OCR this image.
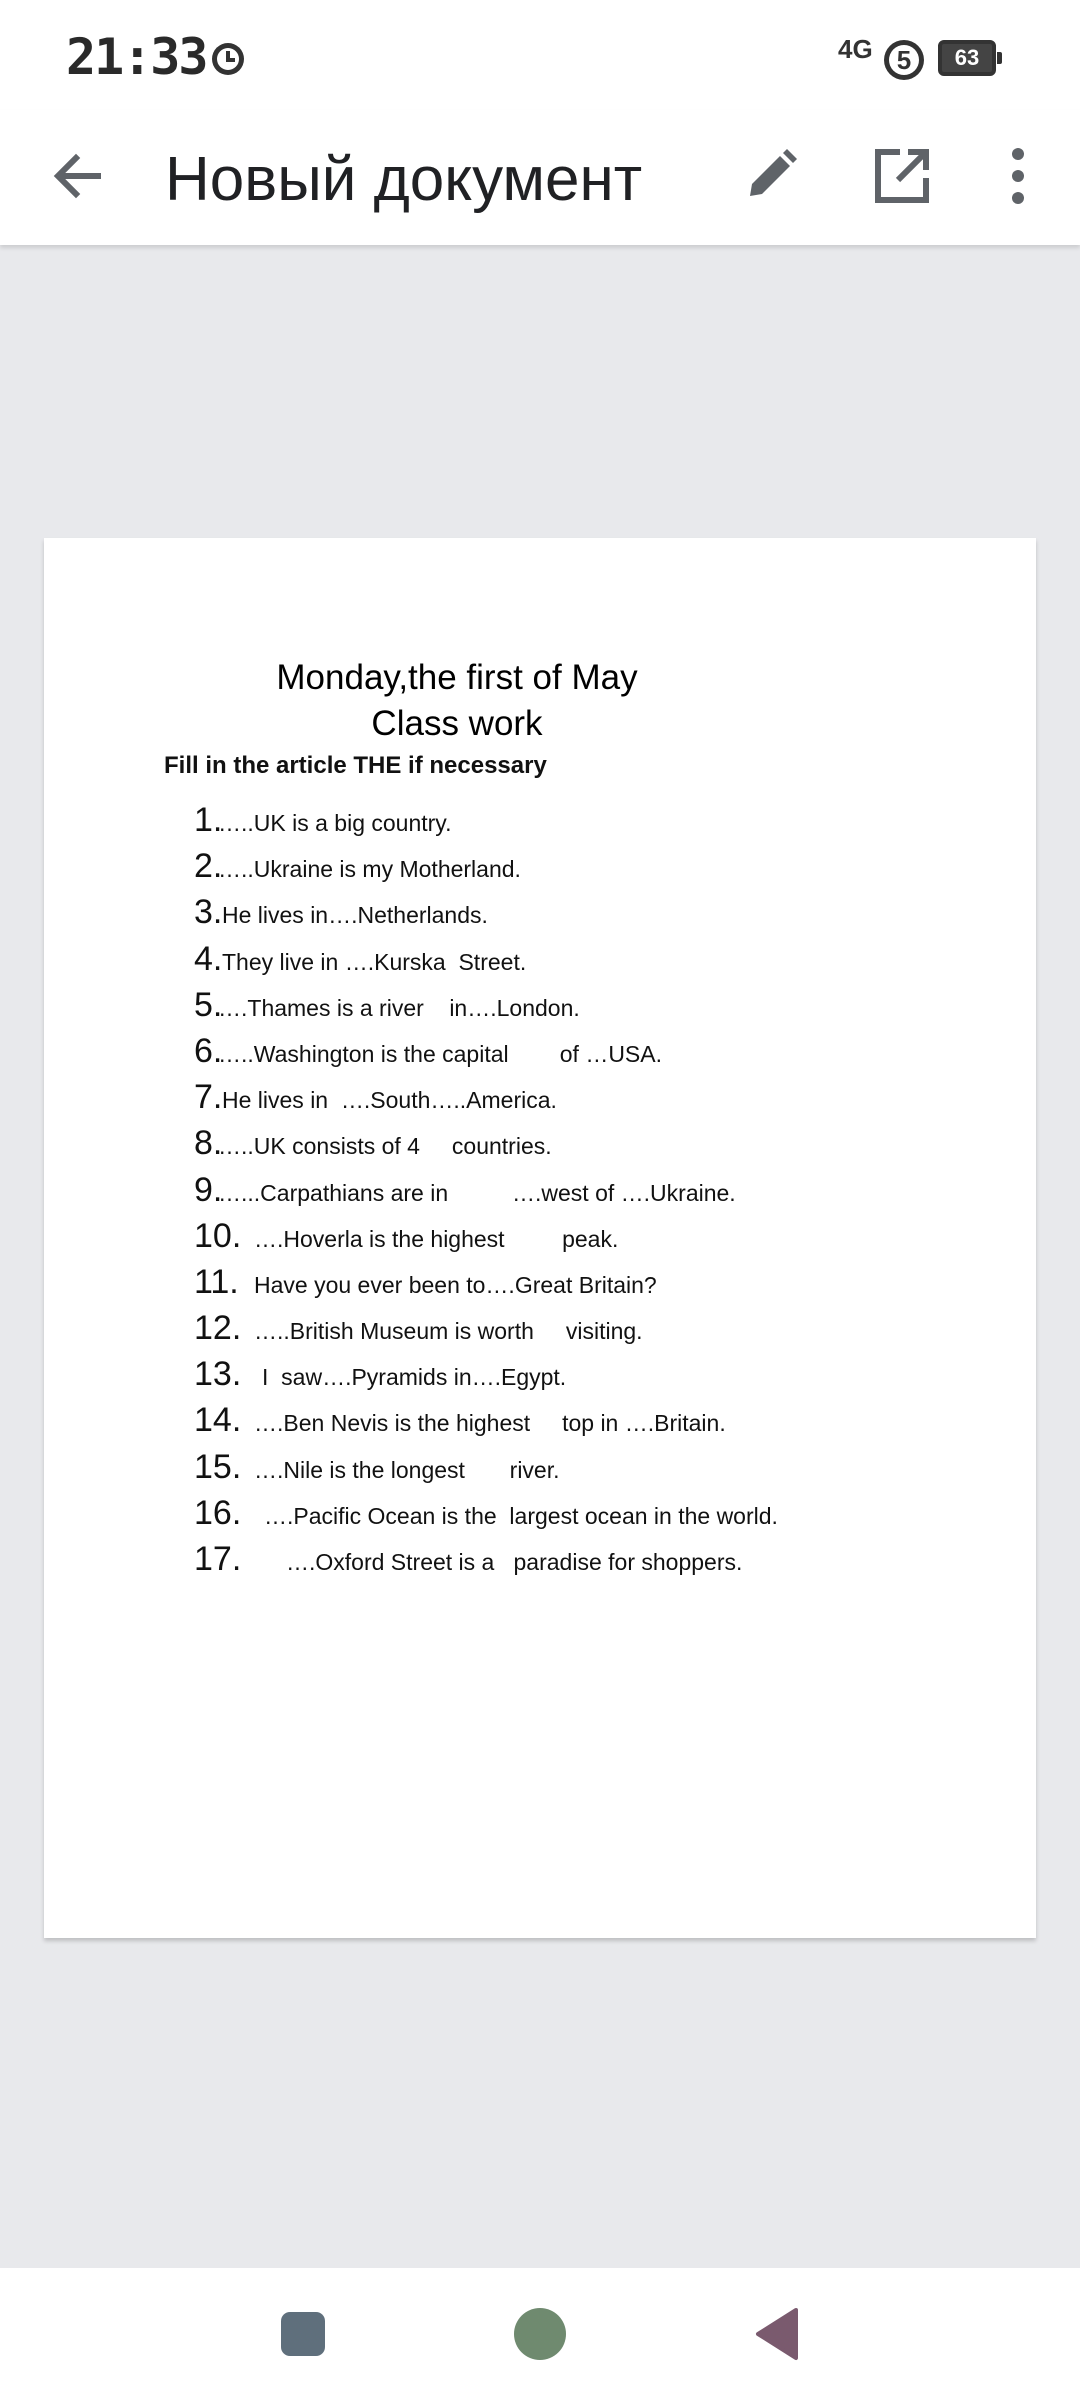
21:33	4G 5	63
Новый документ
Monday,the first of May
Class work
Fill in the article THE if necessary

1.

…..UK is a big country.

2.

…..Ukraine is my Motherland.

3.

He lives in….Netherlands.

4.

They live in ….Kurska  Street.

5.

….Thames is a river    in….London.

6.

…..Washington is the capital        of …USA.

7.

He lives in  ….South…..America.

8.

…..UK consists of 4     countries.

9.

…...Carpathians are in          ….west of ….Ukraine.

10.

….Hoverla is the highest         peak.

11.

Have you ever been to….Great Britain?

12.

…..British Museum is worth     visiting.

13.

I  saw….Pyramids in….Egypt.

14.

….Ben Nevis is the highest     top in ….Britain.

15.

….Nile is the longest       river.

16.

….Pacific Ocean is the  largest ocean in the world.

17.

….Oxford Street is a   paradise for shoppers.
